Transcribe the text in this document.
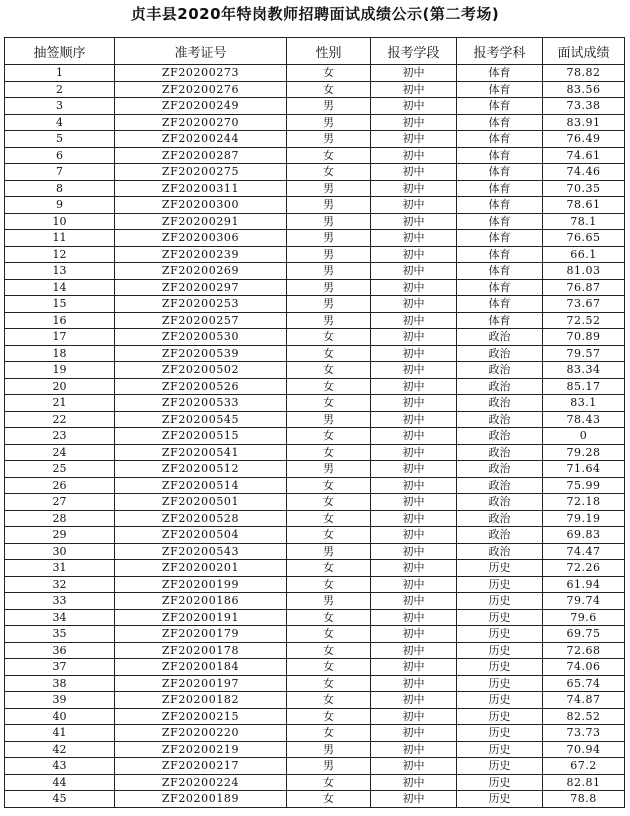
贞丰县2020年特岗教师招聘面试成绩公示(第二考场)
抽签顺序	准考证号	性别	报考学段	报考学科	面试成绩
1	ZF20200273	女	初中	体育	78.82
2	ZF20200276	女	初中	体育	83.56
3	ZF20200249	男	初中	体育	73.38
4	ZF20200270	男	初中	体育	83.91
5	ZF20200244	男	初中	体育	76.49
6	ZF20200287	女	初中	体育	74.61
7	ZF20200275	女	初中	体育	74.46
8	ZF20200311	男	初中	体育	70.35
9	ZF20200300	男	初中	体育	78.61
10	ZF20200291	男	初中	体育	78.1
11	ZF20200306	男	初中	体育	76.65
12	ZF20200239	男	初中	体育	66.1
13	ZF20200269	男	初中	体育	81.03
14	ZF20200297	男	初中	体育	76.87
15	ZF20200253	男	初中	体育	73.67
16	ZF20200257	男	初中	体育	72.52
17	ZF20200530	女	初中	政治	70.89
18	ZF20200539	女	初中	政治	79.57
19	ZF20200502	女	初中	政治	83.34
20	ZF20200526	女	初中	政治	85.17
21	ZF20200533	女	初中	政治	83.1
22	ZF20200545	男	初中	政治	78.43
23	ZF20200515	女	初中	政治	0
24	ZF20200541	女	初中	政治	79.28
25	ZF20200512	男	初中	政治	71.64
26	ZF20200514	女	初中	政治	75.99
27	ZF20200501	女	初中	政治	72.18
28	ZF20200528	女	初中	政治	79.19
29	ZF20200504	女	初中	政治	69.83
30	ZF20200543	男	初中	政治	74.47
31	ZF20200201	女	初中	历史	72.26
32	ZF20200199	女	初中	历史	61.94
33	ZF20200186	男	初中	历史	79.74
34	ZF20200191	女	初中	历史	79.6
35	ZF20200179	女	初中	历史	69.75
36	ZF20200178	女	初中	历史	72.68
37	ZF20200184	女	初中	历史	74.06
38	ZF20200197	女	初中	历史	65.74
39	ZF20200182	女	初中	历史	74.87
40	ZF20200215	女	初中	历史	82.52
41	ZF20200220	女	初中	历史	73.73
42	ZF20200219	男	初中	历史	70.94
43	ZF20200217	男	初中	历史	67.2
44	ZF20200224	女	初中	历史	82.81
45	ZF20200189	女	初中	历史	78.8
